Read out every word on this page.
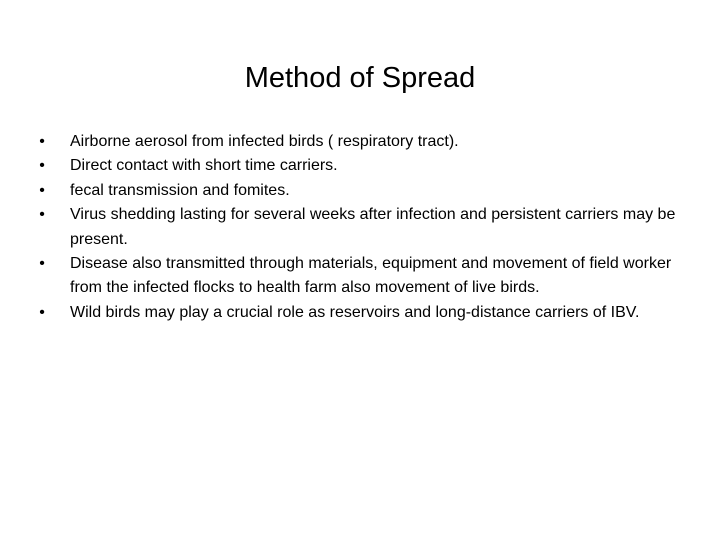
Method of Spread
•
Airborne aerosol from infected birds ( respiratory tract).
•
Direct contact with short time carriers.
•
fecal transmission and fomites.
•
Virus shedding lasting for several weeks after infection and persistent carriers may be present.
•
Disease also transmitted through materials, equipment and movement of field worker from the infected flocks to health farm also movement of live birds.
•
Wild birds may play a crucial role as reservoirs and long-distance carriers of IBV.
